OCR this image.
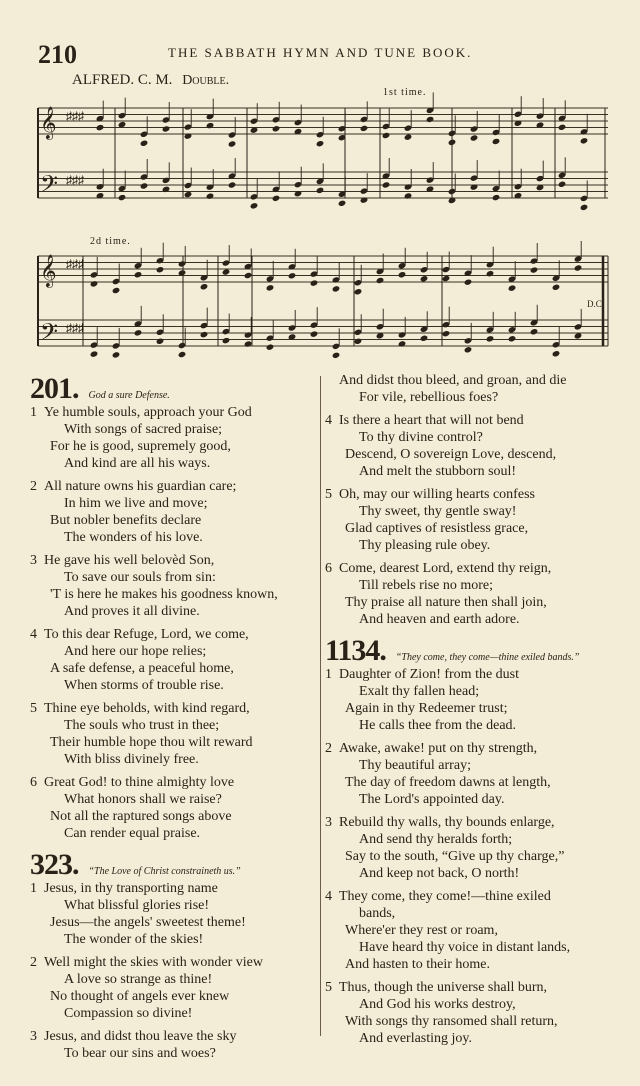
210	THE SABBATH HYMN AND TUNE BOOK.
ALFRED. C. M. Double.
1st time.
2d time.
D.C.
𝄞 ♯♯♯
𝄢 ♯♯♯
𝄞 ♯♯♯
𝄢 ♯♯♯
201. God a sure Defense.
1 Ye humble souls, approach your God
With songs of sacred praise;
For he is good, supremely good,
And kind are all his ways.
2 All nature owns his guardian care;
In him we live and move;
But nobler benefits declare
The wonders of his love.
3 He gave his well belovèd Son,
To save our souls from sin:
'T is here he makes his goodness known,
And proves it all divine.
4 To this dear Refuge, Lord, we come,
And here our hope relies;
A safe defense, a peaceful home,
When storms of trouble rise.
5 Thine eye beholds, with kind regard,
The souls who trust in thee;
Their humble hope thou wilt reward
With bliss divinely free.
6 Great God! to thine almighty love
What honors shall we raise?
Not all the raptured songs above
Can render equal praise.
323. “The Love of Christ constraineth us.”
1 Jesus, in thy transporting name
What blissful glories rise!
Jesus—the angels' sweetest theme!
The wonder of the skies!
2 Well might the skies with wonder view
A love so strange as thine!
No thought of angels ever knew
Compassion so divine!
3 Jesus, and didst thou leave the sky
To bear our sins and woes?
And didst thou bleed, and groan, and die
For vile, rebellious foes?
4 Is there a heart that will not bend
To thy divine control?
Descend, O sovereign Love, descend,
And melt the stubborn soul!
5 Oh, may our willing hearts confess
Thy sweet, thy gentle sway!
Glad captives of resistless grace,
Thy pleasing rule obey.
6 Come, dearest Lord, extend thy reign,
Till rebels rise no more;
Thy praise all nature then shall join,
And heaven and earth adore.
1134. “They come, they come—thine exiled bands.”
1 Daughter of Zion! from the dust
Exalt thy fallen head;
Again in thy Redeemer trust;
He calls thee from the dead.
2 Awake, awake! put on thy strength,
Thy beautiful array;
The day of freedom dawns at length,
The Lord's appointed day.
3 Rebuild thy walls, thy bounds enlarge,
And send thy heralds forth;
Say to the south, “Give up thy charge,”
And keep not back, O north!
4 They come, they come!—thine exiled
bands,
Where'er they rest or roam,
Have heard thy voice in distant lands,
And hasten to their home.
5 Thus, though the universe shall burn,
And God his works destroy,
With songs thy ransomed shall return,
And everlasting joy.
